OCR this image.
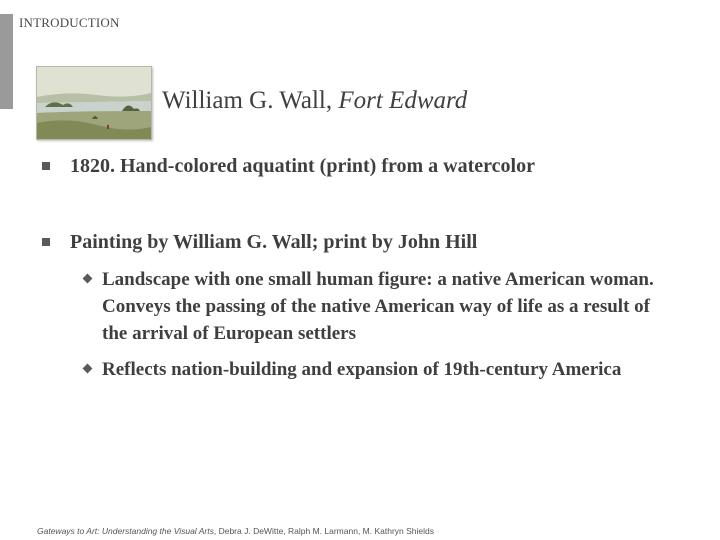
INTRODUCTION
William G. Wall, Fort Edward
1820. Hand-colored aquatint (print) from a watercolor
Painting by William G. Wall; print by John Hill
Landscape with one small human figure: a native American woman. Conveys the passing of the native American way of life as a result of the arrival of European settlers
Reflects nation-building and expansion of 19th-century America
Gateways to Art: Understanding the Visual Arts, Debra J. DeWitte, Ralph M. Larmann, M. Kathryn Shields
